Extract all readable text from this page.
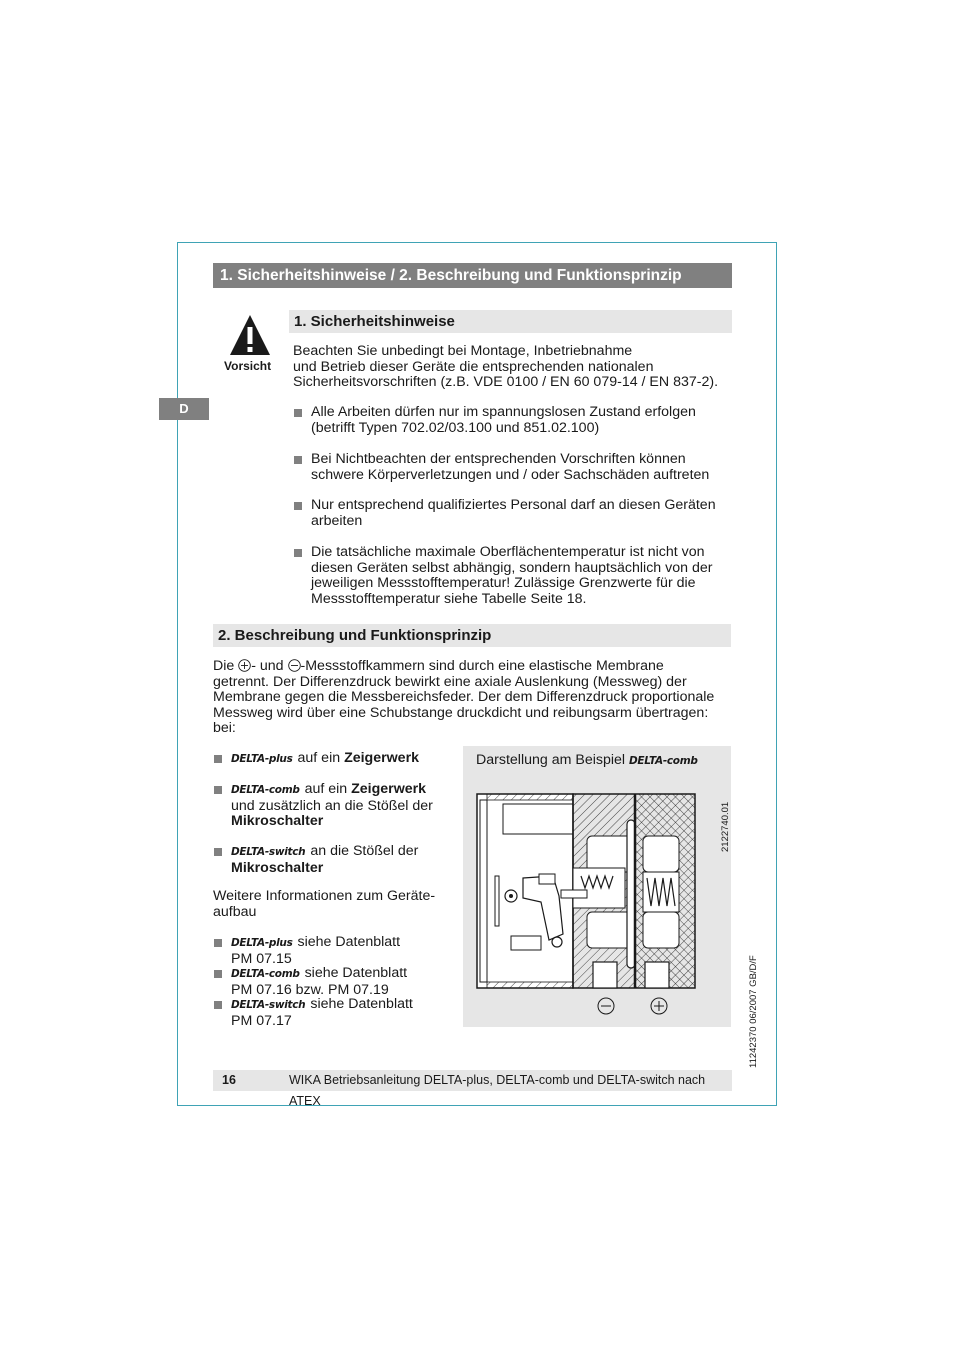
1. Sicherheitshinweise / 2. Beschreibung und Funktionsprinzip
D
Vorsicht
1. Sicherheitshinweise
Beachten Sie unbedingt bei Montage, Inbetriebnahme
und Betrieb dieser Geräte die entsprechenden nationalen
Sicherheitsvorschriften (z.B. VDE 0100 / EN 60 079-14 / EN 837-2).
Alle Arbeiten dürfen nur im spannungslosen Zustand erfolgen
(betrifft Typen 702.02/03.100 und 851.02.100)
Bei Nichtbeachten der entsprechenden Vorschriften können
schwere Körperverletzungen und / oder Sachschäden auftreten
Nur entsprechend qualifiziertes Personal darf an diesen Geräten
arbeiten
Die tatsächliche maximale Oberflächentemperatur ist nicht von
diesen Geräten selbst abhängig, sondern hauptsächlich von der
jeweiligen Messstofftemperatur! Zulässige Grenzwerte für die
Messstofftemperatur siehe Tabelle Seite 18.
2. Beschreibung und Funktionsprinzip
Die - und -Messstoffkammern sind durch eine elastische Membrane
getrennt. Der Differenzdruck bewirkt eine axiale Auslenkung (Messweg) der
Membrane gegen die Messbereichsfeder. Der dem Differenzdruck proportionale
Messweg wird über eine Schubstange druckdicht und reibungsarm übertragen:
bei:
DELTA-plus auf ein Zeigerwerk
DELTA-comb auf ein Zeigerwerk
und zusätzlich an die Stößel der
Mikroschalter
DELTA-switch an die Stößel der
Mikroschalter
Weitere Informationen zum Geräte-
aufbau
DELTA-plus siehe Datenblatt
PM 07.15
DELTA-comb siehe Datenblatt
PM 07.16 bzw. PM 07.19
DELTA-switch siehe Datenblatt
PM 07.17
Darstellung am Beispiel DELTA-comb
2122740.01
11242370 06/2007 GB/D/F
16	WIKA Betriebsanleitung DELTA-plus, DELTA-comb und DELTA-switch nach ATEX
